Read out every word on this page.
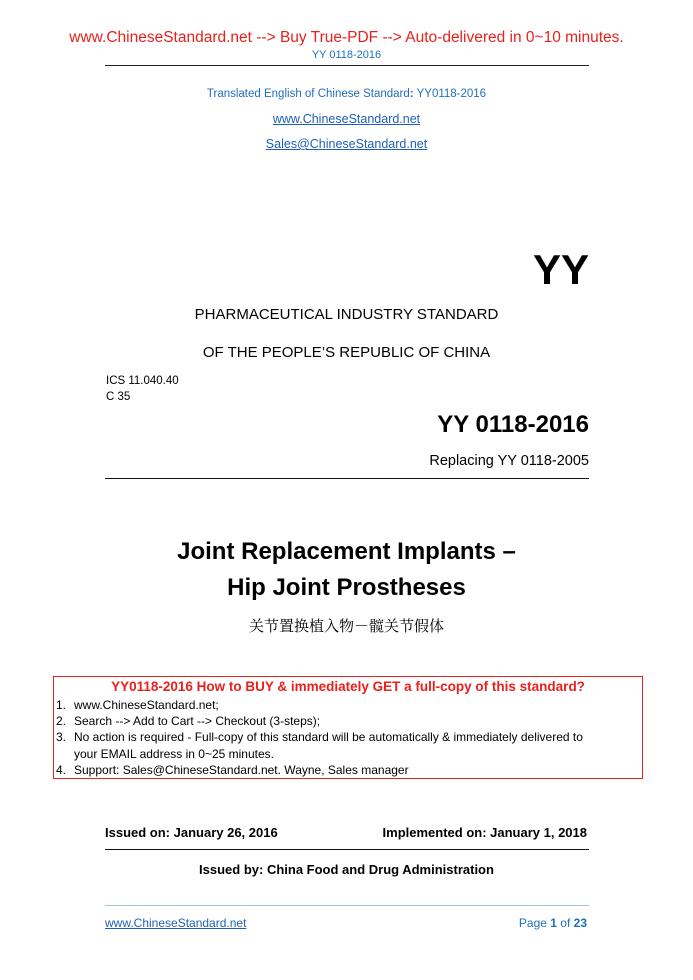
www.ChineseStandard.net --> Buy True-PDF --> Auto-delivered in 0~10 minutes.
YY 0118-2016
Translated English of Chinese Standard: YY0118-2016
www.ChineseStandard.net
Sales@ChineseStandard.net
YY
PHARMACEUTICAL INDUSTRY STANDARD
OF THE PEOPLE’S REPUBLIC OF CHINA
ICS 11.040.40
C 35
YY 0118-2016
Replacing YY 0118-2005
Joint Replacement Implants –
Hip Joint Prostheses
关节置换植入物－髋关节假体
YY0118-2016 How to BUY & immediately GET a full-copy of this standard?
1. www.ChineseStandard.net;
2. Search --> Add to Cart --> Checkout (3-steps);
3. No action is required - Full-copy of this standard will be automatically & immediately delivered to
your EMAIL address in 0~25 minutes.
4. Support: Sales@ChineseStandard.net. Wayne, Sales manager
Issued on: January 26, 2016	Implemented on: January 1, 2018
Issued by: China Food and Drug Administration
www.ChineseStandard.net	Page 1 of 23
